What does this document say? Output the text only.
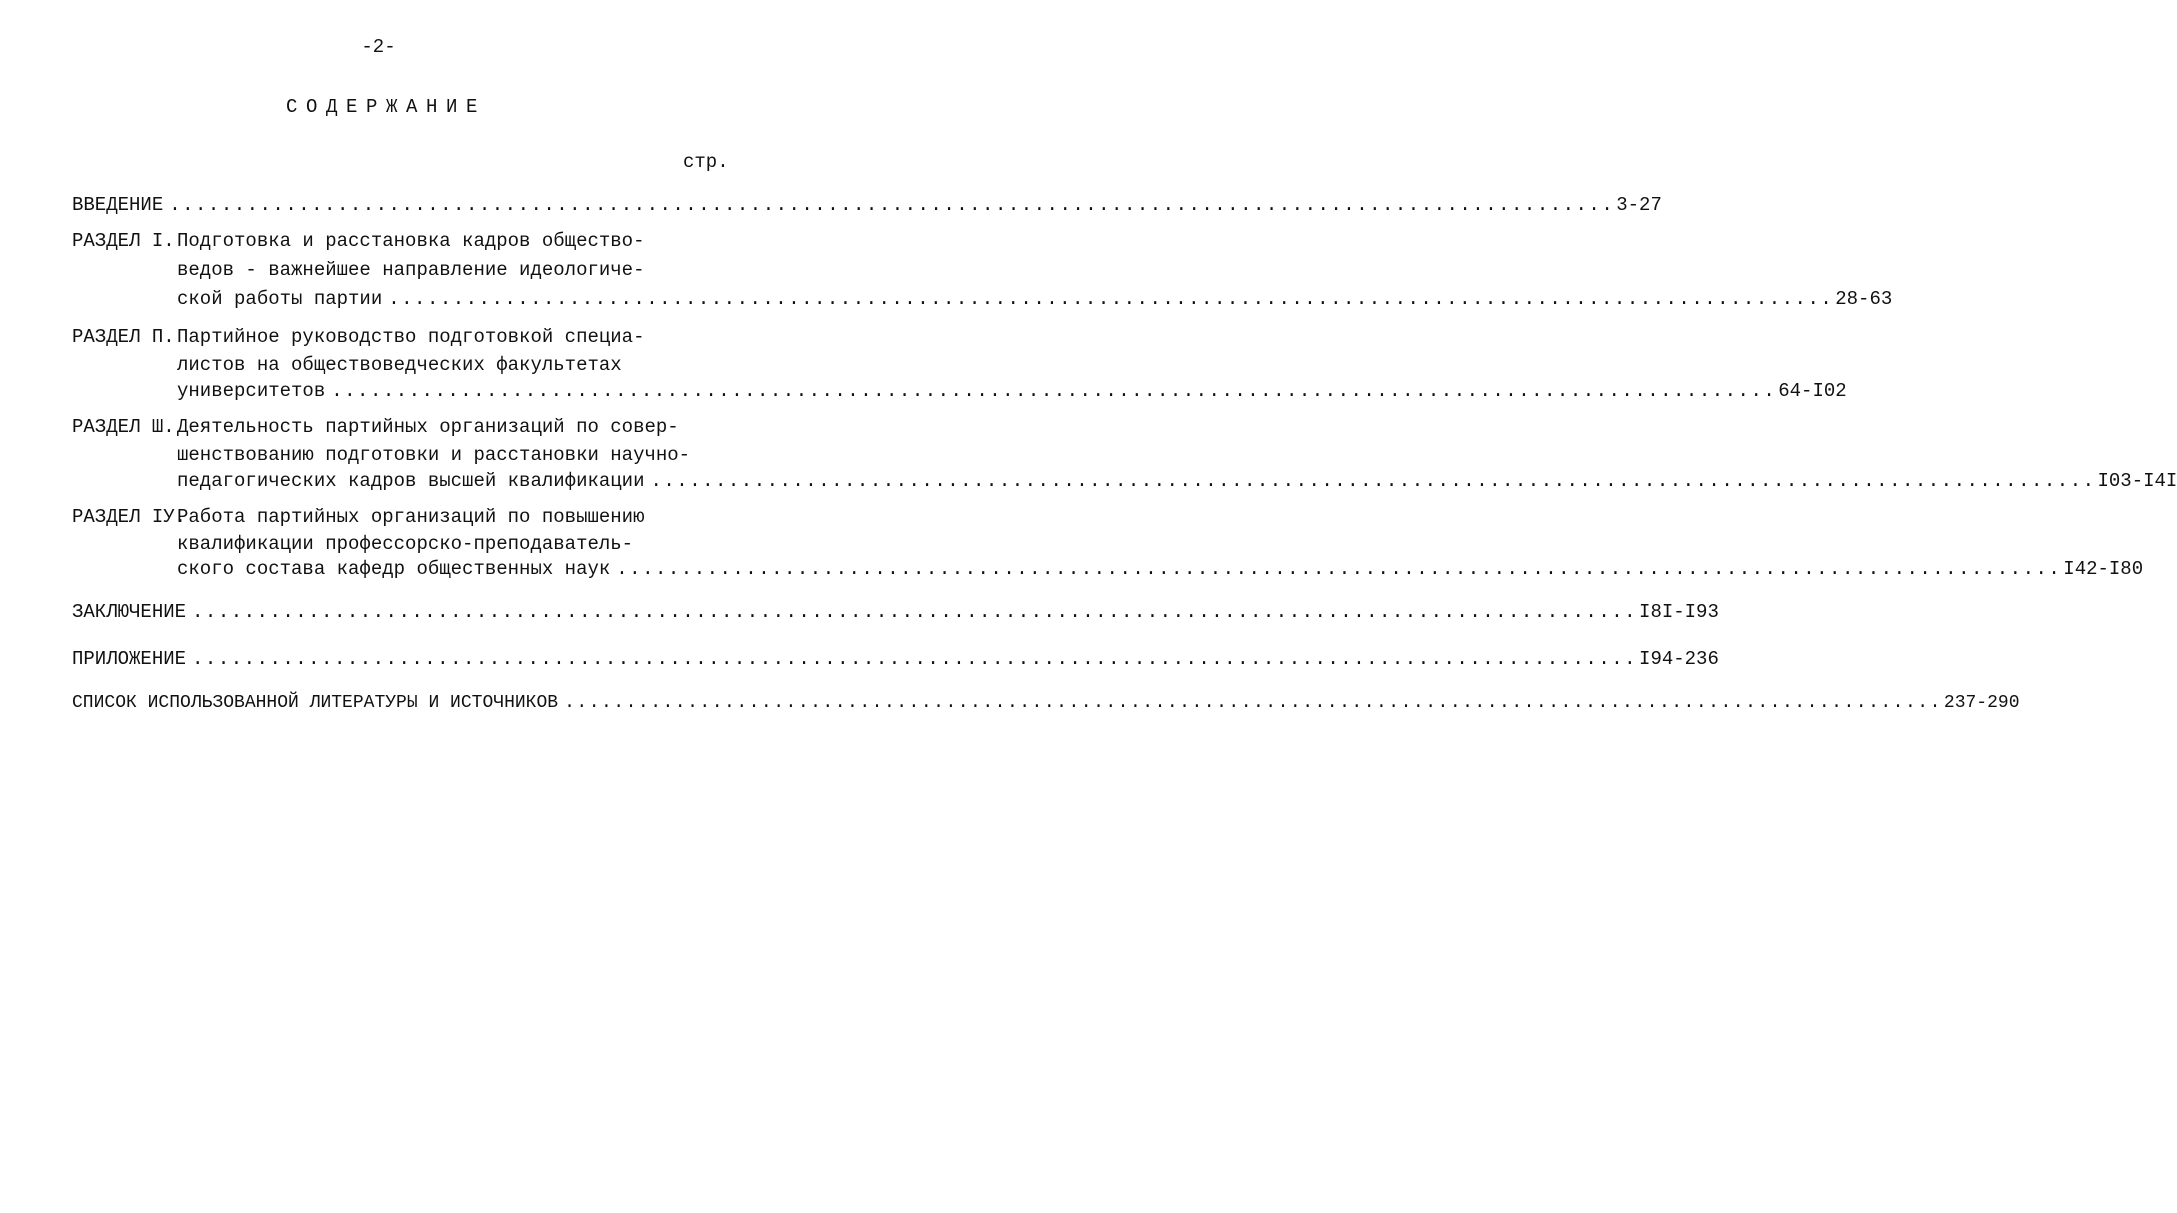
-2-
СОДЕРЖАНИЕ
стр.
ВВЕДЕНИЕ ................................................................................................................ 3-27
РАЗДЕЛ I. Подготовка и расстановка кадров общество-
ведов - важнейшее направление идеологиче-
ской работы партии ................................................................................................................ 28-63
РАЗДЕЛ П. Партийное руководство подготовкой специа-
листов на обществоведческих факультетах
университетов ................................................................................................................ 64-I02
РАЗДЕЛ Ш. Деятельность партийных организаций по совер-
шенствованию подготовки и расстановки научно-
педагогических кадров высшей квалификации ................................................................................................................ I03-I4I
РАЗДЕЛ IУ.
Работа партийных организаций по повышению
квалификации профессорско-преподаватель-
ского состава кафедр общественных наук ................................................................................................................ I42-I80
ЗАКЛЮЧЕНИЕ ................................................................................................................ I8I-I93
ПРИЛОЖЕНИЕ ................................................................................................................ I94-236
СПИСОК ИСПОЛЬЗОВАННОЙ ЛИТЕРАТУРЫ И ИСТОЧНИКОВ ................................................................................................................ 237-290
